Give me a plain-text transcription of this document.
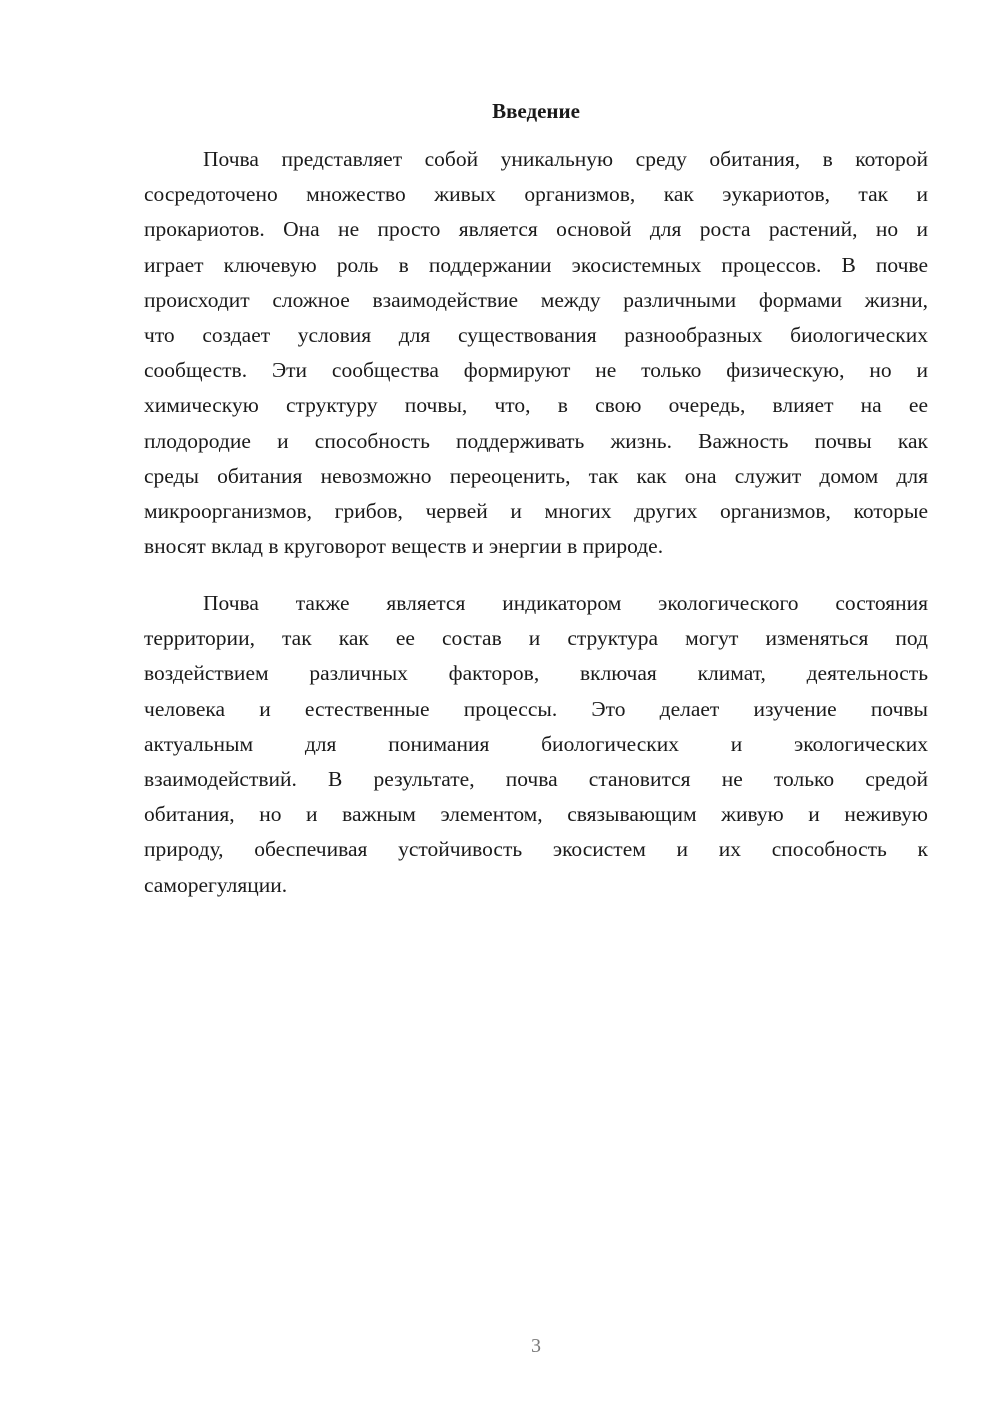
Введение
Почва представляет собой уникальную среду обитания, в которой
сосредоточено множество живых организмов, как эукариотов, так и
прокариотов. Она не просто является основой для роста растений, но и
играет ключевую роль в поддержании экосистемных процессов. В почве
происходит сложное взаимодействие между различными формами жизни,
что создает условия для существования разнообразных биологических
сообществ. Эти сообщества формируют не только физическую, но и
химическую структуру почвы, что, в свою очередь, влияет на ее
плодородие и способность поддерживать жизнь. Важность почвы как
среды обитания невозможно переоценить, так как она служит домом для
микроорганизмов, грибов, червей и многих других организмов, которые
вносят вклад в круговорот веществ и энергии в природе.
Почва также является индикатором экологического состояния
территории, так как ее состав и структура могут изменяться под
воздействием различных факторов, включая климат, деятельность
человека и естественные процессы. Это делает изучение почвы
актуальным для понимания биологических и экологических
взаимодействий. В результате, почва становится не только средой
обитания, но и важным элементом, связывающим живую и неживую
природу, обеспечивая устойчивость экосистем и их способность к
саморегуляции.
3
